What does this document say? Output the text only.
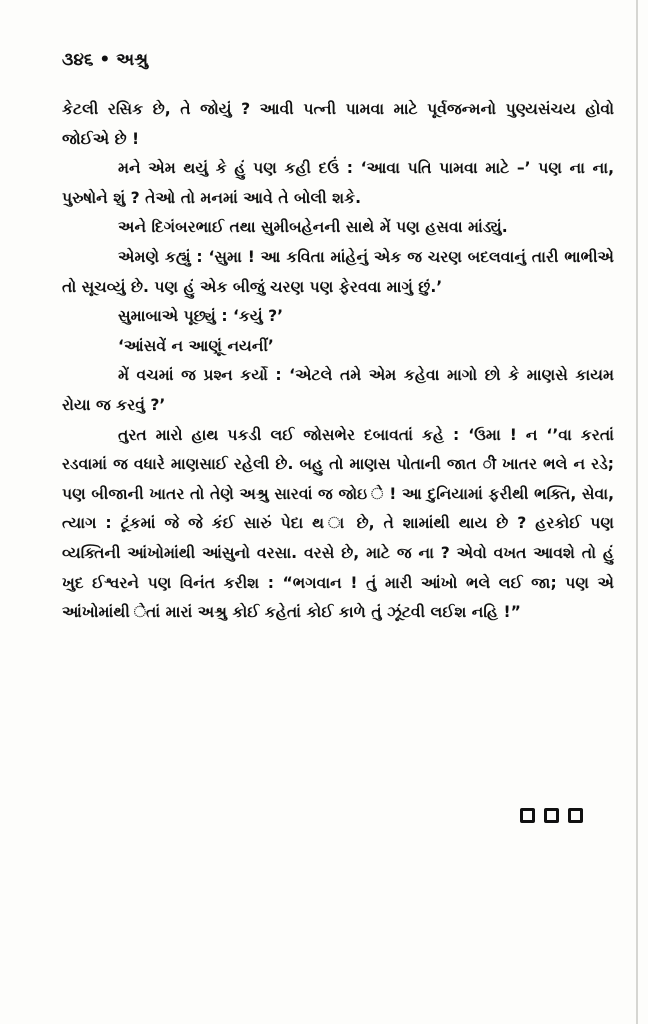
૩૪૬ • અશ્રુ

કેટલી રસિક છે, તે જોયું ? આવી પત્ની પામવા માટે પૂર્વજન્મનો પુણ્યસંચય હોવો જોઈએ છે !

મને એમ થયું કે હું પણ કહી દઉં : ‘આવા પતિ પામવા માટે –’ પણ ના ના, પુરુષોને શું ? તેઓ તો મનમાં આવે તે બોલી શકે.

અને દિગંબરભાઈ તથા સુમીબહેનની સાથે મેં પણ હસવા માંડ્યું.

એમણે કહ્યું : ‘સુમા ! આ કવિતા માંહેનું એક જ ચરણ બદલવાનું તારી ભાભીએ તો સૂચવ્યું છે. પણ હું એક બીજું ચરણ પણ ફેરવવા માગું છું.’

સુમાબાએ પૂછ્યું : ‘કયું ?’

‘આંસવેં ન આણૂં નયનીં’

મેં વચમાં જ પ્રશ્ન કર્યો : ‘એટલે તમે એમ કહેવા માગો છો કે માણસે કાયમ રોયા જ કરવું ?’

તુરત મારો હાથ પકડી લઈ જોસભેર દબાવતાં કહે : ‘ઉમા ! ન ‘’વા કરતાં રડવામાં જ વધારે માણસાઈ રહેલી છે. બહુ તો માણસ પોતાની જાત ी ખાતર ભલે ન રડે; પણ બીજાની ખાતર તો તેણે અશ્રુ સારવાં જ જોઇ ે ! આ દુનિયામાં ફરીથી ભક્તિ, સેવા, ત્યાગ : ટૂંકમાં જે જે કંઈ સારું પેદા થ ા છે, તે શામાંથી થાય છે ? હરકોઈ પણ વ્યક્તિની આંખોમાંથી આંસુનો વરસા. વરસે છે, માટે જ ના ? એવો વખત આવશે તો હું ખુદ ઈશ્વરને પણ વિનંત કરીશ : “ભગવાન ! તું મારી આંખો ભલે લઈ જા; પણ એ આંખોમાંથી ેતાં મારાં અશ્રુ કોઈ કહેતાં કોઈ કાળે તું ઝૂંટવી લઈશ નહિ !”
